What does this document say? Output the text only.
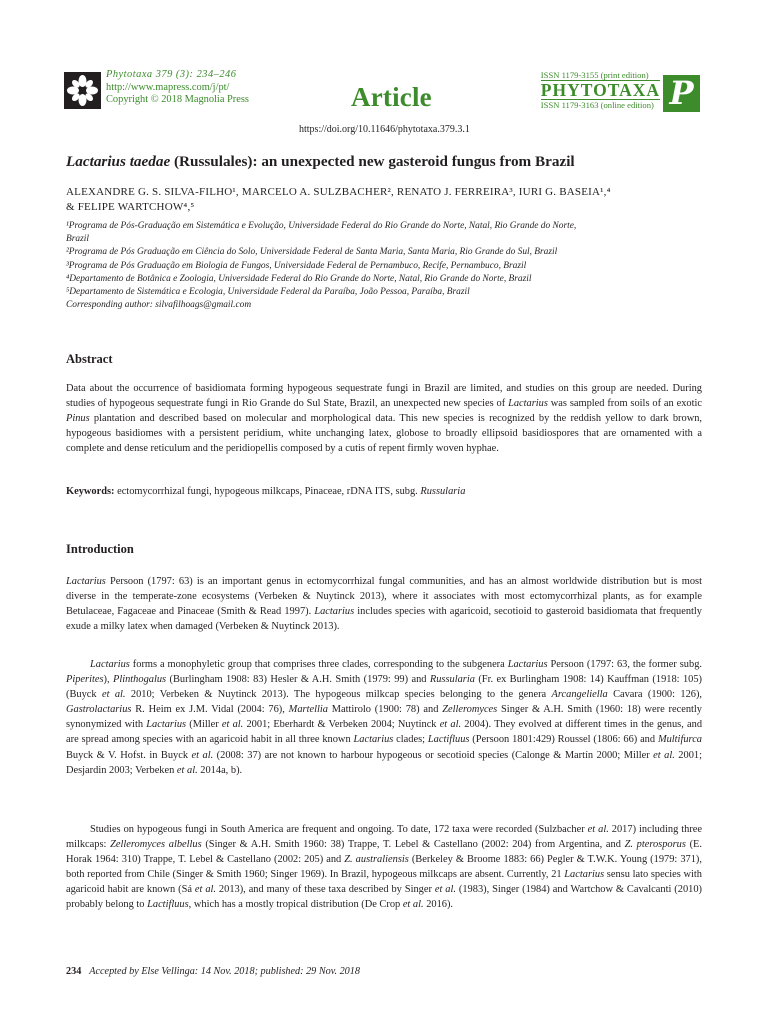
Phytotaxa 379 (3): 234–246
http://www.mapress.com/j/pt/
Copyright © 2018 Magnolia Press	Article
ISSN 1179-3155 (print edition)
PHYTOTAXA
ISSN 1179-3163 (online edition) P
https://doi.org/10.11646/phytotaxa.379.3.1
Lactarius taedae (Russulales): an unexpected new gasteroid fungus from Brazil
ALEXANDRE G. S. SILVA-FILHO¹, MARCELO A. SULZBACHER², RENATO J. FERREIRA³, IURI G. BASEIA¹,⁴
& FELIPE WARTCHOW⁴,⁵
¹Programa de Pós-Graduação em Sistemática e Evolução, Universidade Federal do Rio Grande do Norte, Natal, Rio Grande do Norte,
Brazil
²Programa de Pós Graduação em Ciência do Solo, Universidade Federal de Santa Maria, Santa Maria, Rio Grande do Sul, Brazil
³Programa de Pós Graduação em Biologia de Fungos, Universidade Federal de Pernambuco, Recife, Pernambuco, Brazil
⁴Departamento de Botânica e Zoologia, Universidade Federal do Rio Grande do Norte, Natal, Rio Grande do Norte, Brazil
⁵Departamento de Sistemática e Ecologia, Universidade Federal da Paraíba, João Pessoa, Paraíba, Brazil
Corresponding author: silvafilhoags@gmail.com
Abstract
Data about the occurrence of basidiomata forming hypogeous sequestrate fungi in Brazil are limited, and studies on this group are needed. During studies of hypogeous sequestrate fungi in Rio Grande do Sul State, Brazil, an unexpected new species of Lactarius was sampled from soils of an exotic Pinus plantation and described based on molecular and morphological data. This new species is recognized by the reddish yellow to dark brown, hypogeous basidiomes with a persistent peridium, white unchanging latex, globose to broadly ellipsoid basidiospores that are ornamented with a complete and dense reticulum and the peridiopellis composed by a cutis of repent firmly woven hyphae.
Keywords: ectomycorrhizal fungi, hypogeous milkcaps, Pinaceae, rDNA ITS, subg. Russularia
Introduction
Lactarius Persoon (1797: 63) is an important genus in ectomycorrhizal fungal communities, and has an almost worldwide distribution but is most diverse in the temperate-zone ecosystems (Verbeken & Nuytinck 2013), where it associates with most ectomycorrhizal plants, as for example Betulaceae, Fagaceae and Pinaceae (Smith & Read 1997). Lactarius includes species with agaricoid, secotioid to gasteroid basidiomata that frequently exude a milky latex when damaged (Verbeken & Nuytinck 2013).
Lactarius forms a monophyletic group that comprises three clades, corresponding to the subgenera Lactarius Persoon (1797: 63, the former subg. Piperites), Plinthogalus (Burlingham 1908: 83) Hesler & A.H. Smith (1979: 99) and Russularia (Fr. ex Burlingham 1908: 14) Kauffman (1918: 105) (Buyck et al. 2010; Verbeken & Nuytinck 2013). The hypogeous milkcap species belonging to the genera Arcangeliella Cavara (1900: 126), Gastrolactarius R. Heim ex J.M. Vidal (2004: 76), Martellia Mattirolo (1900: 78) and Zelleromyces Singer & A.H. Smith (1960: 18) were recently synonymized with Lactarius (Miller et al. 2001; Eberhardt & Verbeken 2004; Nuytinck et al. 2004). They evolved at different times in the genus, and are spread among species with an agaricoid habit in all three known Lactarius clades; Lactifluus (Persoon 1801:429) Roussel (1806: 66) and Multifurca Buyck & V. Hofst. in Buyck et al. (2008: 37) are not known to harbour hypogeous or secotioid species (Calonge & Martín 2000; Miller et al. 2001; Desjardin 2003; Verbeken et al. 2014a, b).
Studies on hypogeous fungi in South America are frequent and ongoing. To date, 172 taxa were recorded (Sulzbacher et al. 2017) including three milkcaps: Zelleromyces albellus (Singer & A.H. Smith 1960: 38) Trappe, T. Lebel & Castellano (2002: 204) from Argentina, and Z. pterosporus (E. Horak 1964: 310) Trappe, T. Lebel & Castellano (2002: 205) and Z. australiensis (Berkeley & Broome 1883: 66) Pegler & T.W.K. Young (1979: 371), both reported from Chile (Singer & Smith 1960; Singer 1969). In Brazil, hypogeous milkcaps are absent. Currently, 21 Lactarius sensu lato species with agaricoid habit are known (Sá et al. 2013), and many of these taxa described by Singer et al. (1983), Singer (1984) and Wartchow & Cavalcanti (2010) probably belong to Lactifluus, which has a mostly tropical distribution (De Crop et al. 2016).
234 Accepted by Else Vellinga: 14 Nov. 2018; published: 29 Nov. 2018
